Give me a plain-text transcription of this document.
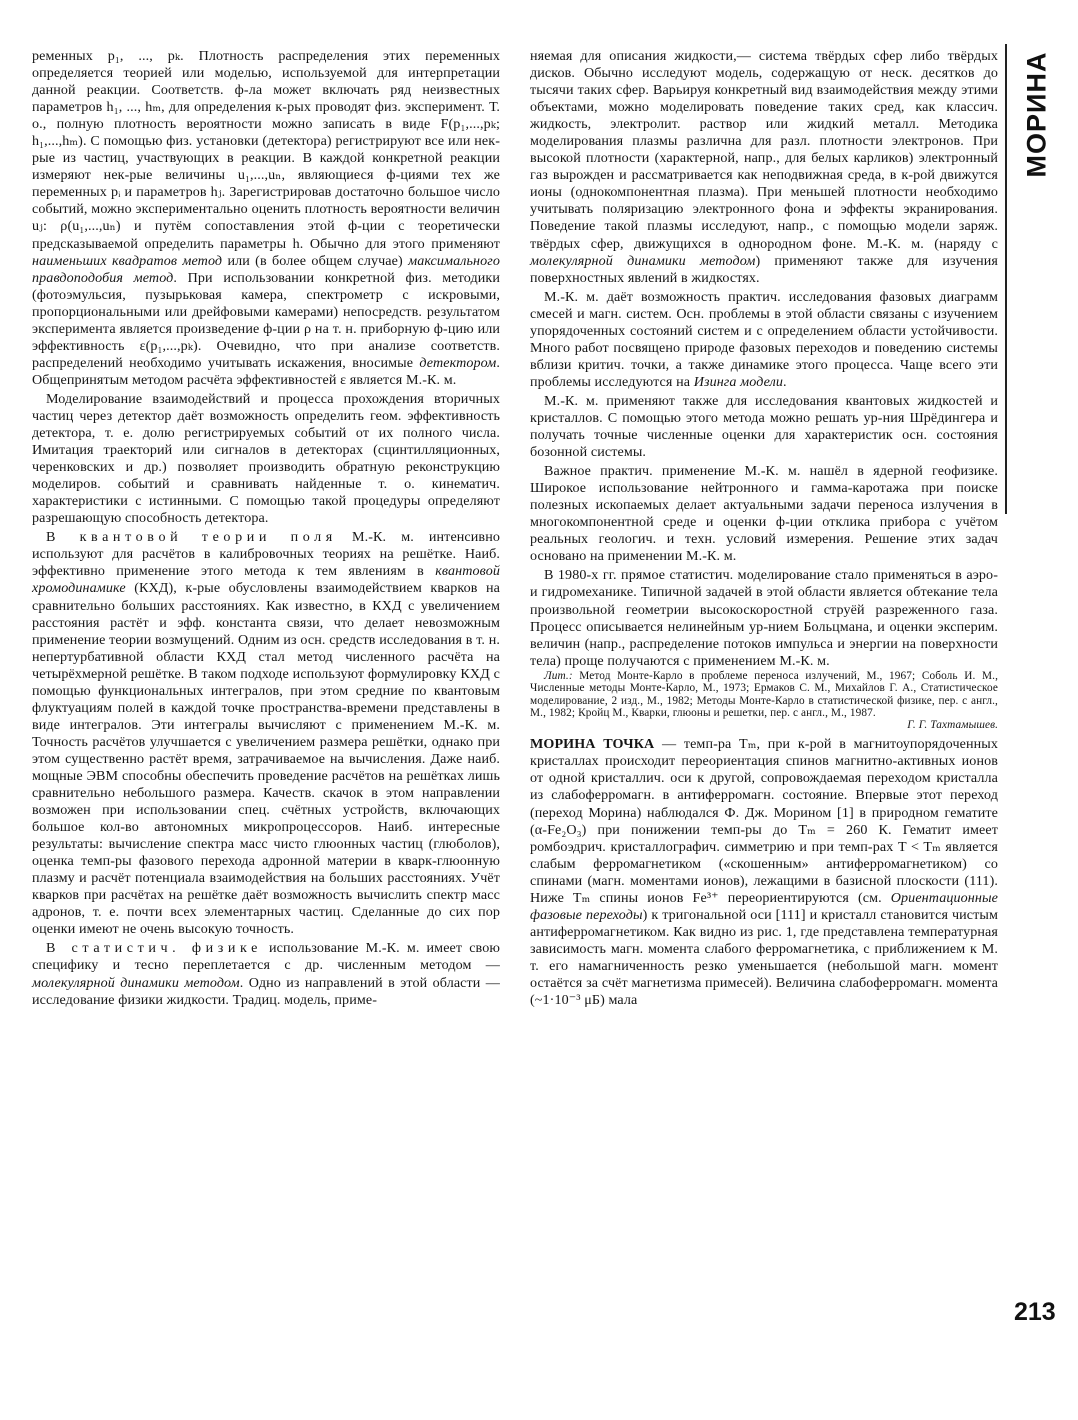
ременных p₁, ..., pₖ. Плотность распределения этих переменных определяется теорией или моделью, используемой для интерпретации данной реакции. Соответств. ф-ла может включать ряд неизвестных параметров h₁, ..., hₘ, для определения к-рых проводят физ. эксперимент. Т. о., полную плотность вероятности можно записать в виде F(p₁,...,pₖ; h₁,...,hₘ). С помощью физ. установки (детектора) регистрируют все или нек-рые из частиц, участвующих в реакции. В каждой конкретной реакции измеряют нек-рые величины u₁,...,uₙ, являющиеся ф-циями тех же переменных pᵢ и параметров hⱼ. Зарегистрировав достаточно большое число событий, можно экспериментально оценить плотность вероятности величин uⱼ: ρ(u₁,...,uₙ) и путём сопоставления этой ф-ции с теоретически предсказываемой определить параметры h. Обычно для этого применяют наименьших квадратов метод или (в более общем случае) максимального правдоподобия метод. При использовании конкретной физ. методики (фотоэмульсия, пузырьковая камера, спектрометр с искровыми, пропорциональными или дрейфовыми камерами) непосредств. результатом эксперимента является произведение ф-ции ρ на т. н. приборную ф-цию или эффективность ε(p₁,...,pₖ). Очевидно, что при анализе соответств. распределений необходимо учитывать искажения, вносимые детектором. Общепринятым методом расчёта эффективностей ε является М.-К. м.

Моделирование взаимодействий и процесса прохождения вторичных частиц через детектор даёт возможность определить геом. эффективность детектора, т. е. долю регистрируемых событий от их полного числа. Имитация траекторий или сигналов в детекторах (сцинтилляционных, черенковских и др.) позволяет производить обратную реконструкцию моделиров. событий и сравнивать найденные т. о. кинематич. характеристики с истинными. С помощью такой процедуры определяют разрешающую способность детектора.

В квантовой теории поля М.-К. м. интенсивно используют для расчётов в калибровочных теориях на решётке. Наиб. эффективно применение этого метода к тем явлениям в квантовой хромодинамике (КХД), к-рые обусловлены взаимодействием кварков на сравнительно больших расстояниях. Как известно, в КХД с увеличением расстояния растёт и эфф. константа связи, что делает невозможным применение теории возмущений. Одним из осн. средств исследования в т. н. непертурбативной области КХД стал метод численного расчёта на четырёхмерной решётке. В таком подходе используют формулировку КХД с помощью функциональных интегралов, при этом средние по квантовым флуктуациям полей в каждой точке пространства-времени представлены в виде интегралов. Эти интегралы вычисляют с применением М.-К. м. Точность расчётов улучшается с увеличением размера решётки, однако при этом существенно растёт время, затрачиваемое на вычисления. Даже наиб. мощные ЭВМ способны обеспечить проведение расчётов на решётках лишь сравнительно небольшого размера. Качеств. скачок в этом направлении возможен при использовании спец. счётных устройств, включающих большое кол-во автономных микропроцессоров. Наиб. интересные результаты: вычисление спектра масс чисто глюонных частиц (глюболов), оценка темп-ры фазового перехода адронной материи в кварк-глюонную плазму и расчёт потенциала взаимодействия на больших расстояниях. Учёт кварков при расчётах на решётке даёт возможность вычислить спектр масс адронов, т. е. почти всех элементарных частиц. Сделанные до сих пор оценки имеют не очень высокую точность.

В статистич. физике использование М.-К. м. имеет свою специфику и тесно переплетается с др. численным методом — молекулярной динамики методом. Одно из направлений в этой области — исследование физики жидкости. Традиц. модель, приме-

няемая для описания жидкости,— система твёрдых сфер либо твёрдых дисков. Обычно исследуют модель, содержащую от неск. десятков до тысячи таких сфер. Варьируя конкретный вид взаимодействия между этими объектами, можно моделировать поведение таких сред, как классич. жидкость, электролит. раствор или жидкий металл. Методика моделирования плазмы различна для разл. плотности электронов. При высокой плотности (характерной, напр., для белых карликов) электронный газ вырожден и рассматривается как неподвижная среда, в к-рой движутся ионы (однокомпонентная плазма). При меньшей плотности необходимо учитывать поляризацию электронного фона и эффекты экранирования. Поведение такой плазмы исследуют, напр., с помощью модели заряж. твёрдых сфер, движущихся в однородном фоне. М.-К. м. (наряду с молекулярной динамики методом) применяют также для изучения поверхностных явлений в жидкостях.

М.-К. м. даёт возможность практич. исследования фазовых диаграмм смесей и магн. систем. Осн. проблемы в этой области связаны с изучением упорядоченных состояний систем и с определением области устойчивости. Много работ посвящено природе фазовых переходов и поведению системы вблизи критич. точки, а также динамике этого процесса. Чаще всего эти проблемы исследуются на Изинга модели.

М.-К. м. применяют также для исследования квантовых жидкостей и кристаллов. С помощью этого метода можно решать ур-ния Шрёдингера и получать точные численные оценки для характеристик осн. состояния бозонной системы.

Важное практич. применение М.-К. м. нашёл в ядерной геофизике. Широкое использование нейтронного и гамма-каротажа при поиске полезных ископаемых делает актуальными задачи переноса излучения в многокомпонентной среде и оценки ф-ции отклика прибора с учётом реальных геологич. и техн. условий измерения. Решение этих задач основано на применении М.-К. м.

В 1980-х гг. прямое статистич. моделирование стало применяться в аэро- и гидромеханике. Типичной задачей в этой области является обтекание тела произвольной геометрии высокоскоростной струёй разреженного газа. Процесс описывается нелинейным ур-нием Больцмана, и оценки эксперим. величин (напр., распределение потоков импульса и энергии на поверхности тела) проще получаются с применением М.-К. м.

Лит.: Метод Монте-Карло в проблеме переноса излучений, М., 1967; Соболь И. М., Численные методы Монте-Карло, М., 1973; Ермаков С. М., Михайлов Г. А., Статистическое моделирование, 2 изд., М., 1982; Методы Монте-Карло в статистической физике, пер. с англ., М., 1982; Кройц М., Кварки, глюоны и решетки, пер. с англ., М., 1987.

Г. Г. Тахтамышев.

МОРИНА ТОЧКА — темп-ра Tₘ, при к-рой в магнитоупорядоченных кристаллах происходит переориентация спинов магнитно-активных ионов от одной кристаллич. оси к другой, сопровождаемая переходом кристалла из слабоферромагн. в антиферромагн. состояние. Впервые этот переход (переход Морина) наблюдался Ф. Дж. Морином [1] в природном гематите (α-Fe₂O₃) при понижении темп-ры до Tₘ = 260 К. Гематит имеет ромбоэдрич. кристаллографич. симметрию и при темп-рах T < Tₘ является слабым ферромагнетиком («скошенным» антиферромагнетиком) со спинами (магн. моментами ионов), лежащими в базисной плоскости (111). Ниже Tₘ спины ионов Fe³⁺ переориентируются (см. Ориентационные фазовые переходы) к тригональной оси [111] и кристалл становится чистым антиферромагнетиком. Как видно из рис. 1, где представлена температурная зависимость магн. момента слабого ферромагнетика, с приближением к М. т. его намагниченность резко уменьшается (небольшой магн. момент остаётся за счёт магнетизма примесей). Величина слабоферромагн. момента (~1·10⁻³ μБ) мала

МОРИНА
213
